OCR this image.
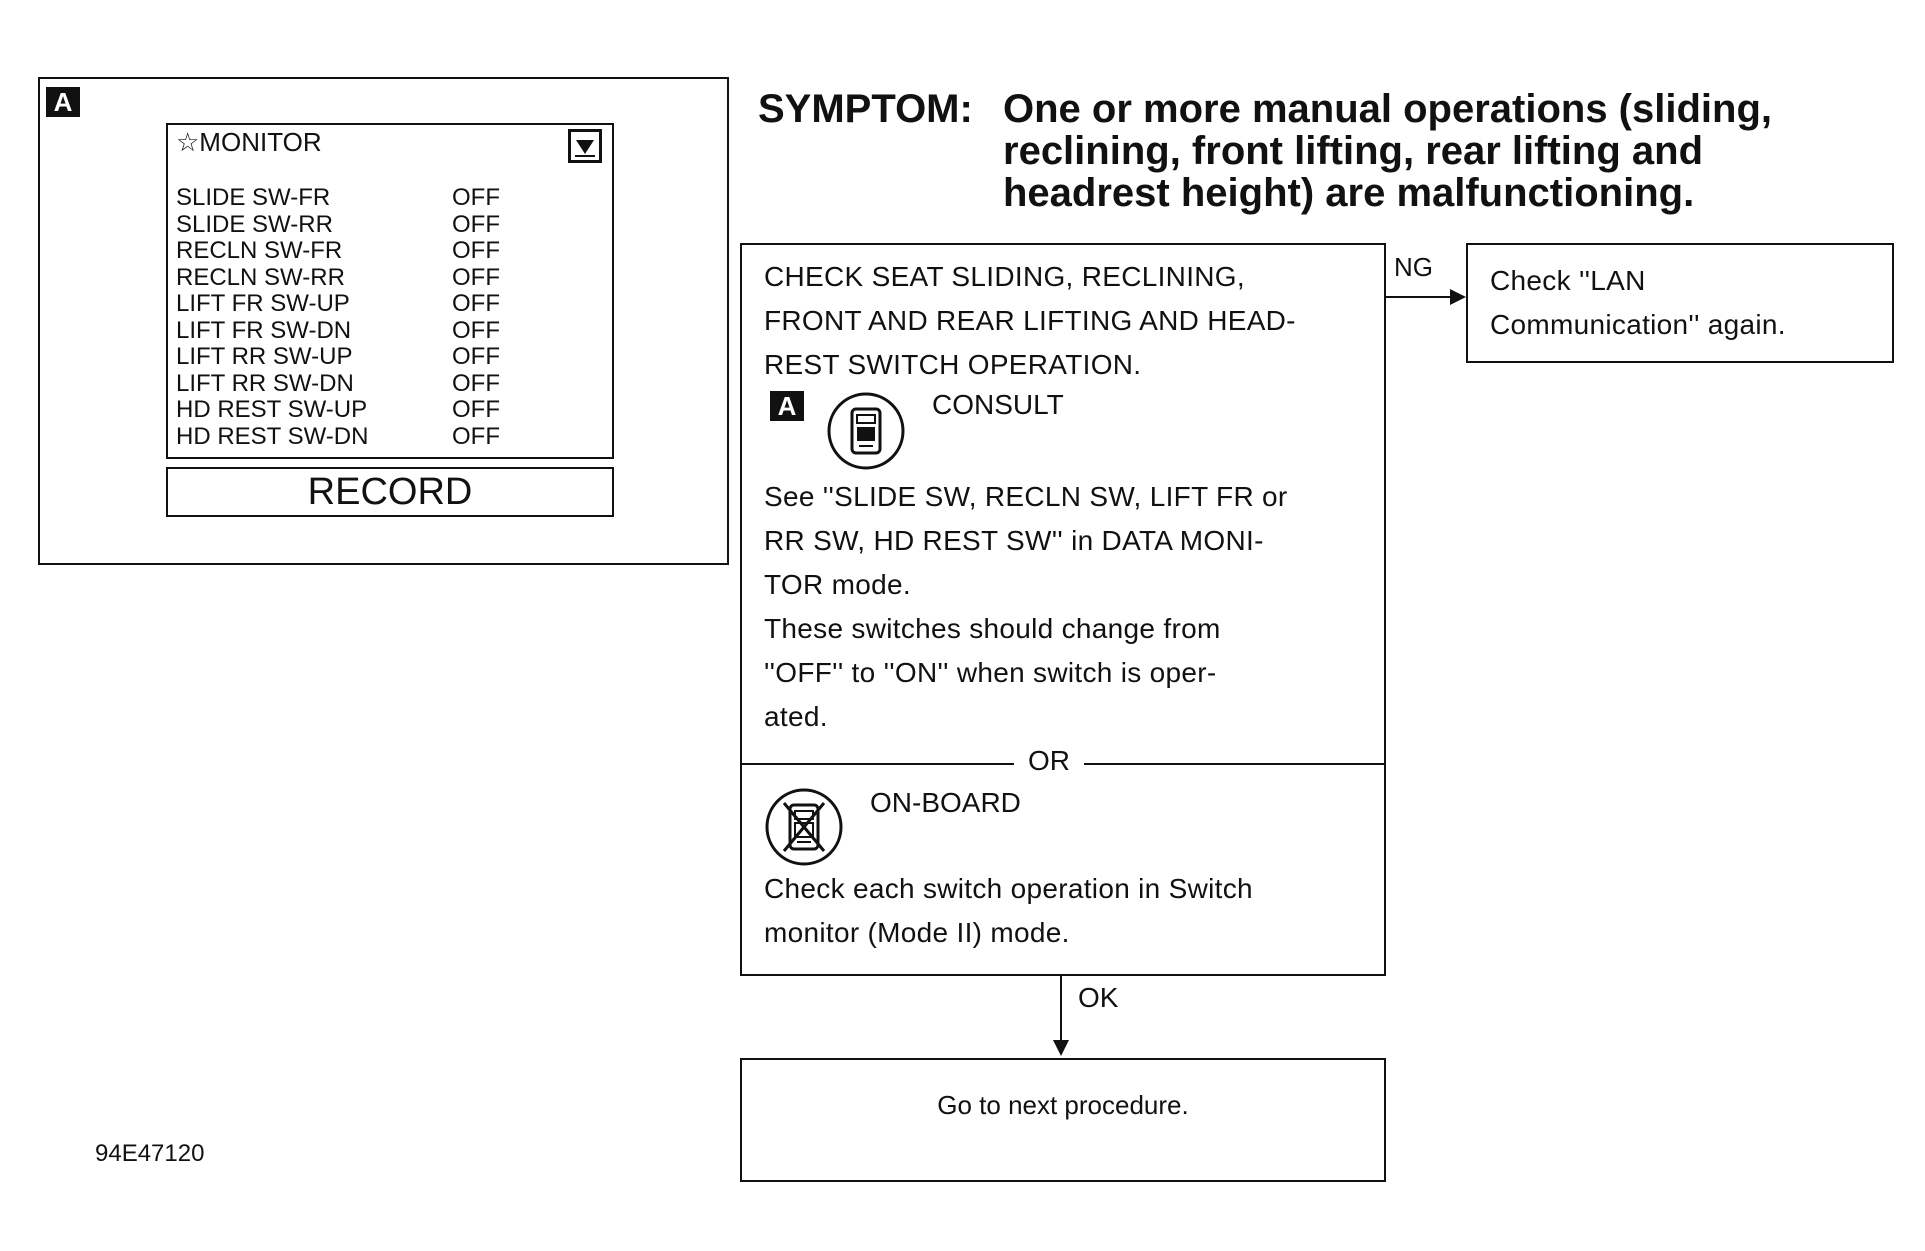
A
☆MONITOR
SLIDE SW-FR	OFF
SLIDE SW-RR	OFF
RECLN SW-FR	OFF
RECLN SW-RR	OFF
LIFT FR SW-UP	OFF
LIFT FR SW-DN	OFF
LIFT RR SW-UP	OFF
LIFT RR SW-DN	OFF
HD REST SW-UP	OFF
HD REST SW-DN	OFF
RECORD
94E47120
SYMPTOM: One or more manual operations (sliding,
reclining, front lifting, rear lifting and
headrest height) are malfunctioning.
CHECK SEAT SLIDING, RECLINING,
FRONT AND REAR LIFTING AND HEAD-
REST SWITCH OPERATION.
A	CONSULT
See ''SLIDE SW, RECLN SW, LIFT FR or
RR SW, HD REST SW'' in DATA MONI-
TOR mode.
These switches should change from
''OFF'' to ''ON'' when switch is oper-
ated.
OR
ON-BOARD
Check each switch operation in Switch
monitor (Mode II) mode.
NG Check ''LAN
Communication'' again.
OK
Go to next procedure.
